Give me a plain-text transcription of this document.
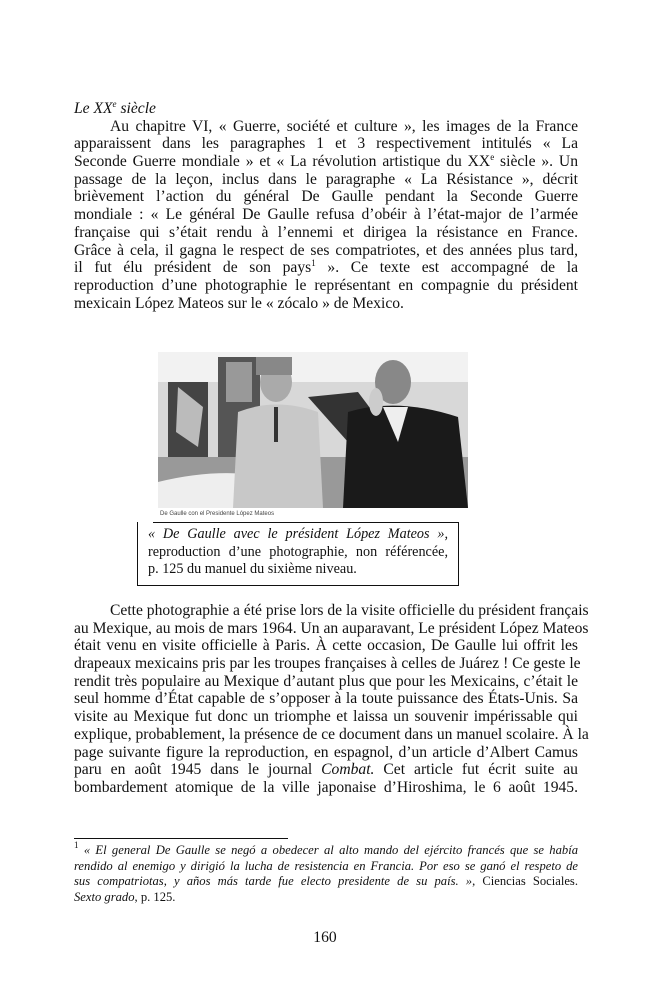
Le XXe siècle
Au chapitre VI, « Guerre, société et culture », les images de la France
apparaissent dans les paragraphes 1 et 3 respectivement intitulés « La
Seconde Guerre mondiale » et « La révolution artistique du XXe siècle ». Un
passage de la leçon, inclus dans le paragraphe « La Résistance », décrit
brièvement l’action du général De Gaulle pendant la Seconde Guerre
mondiale : « Le général De Gaulle refusa d’obéir à l’état-major de l’armée
française qui s’était rendu à l’ennemi et dirigea la résistance en France.
Grâce à cela, il gagna le respect de ses compatriotes, et des années plus tard,
il fut élu président de son pays$^1$ ». Ce texte est accompagné de la
reproduction d’une photographie le représentant en compagnie du président
mexicain López Mateos sur le « zócalo » de Mexico.
De Gaulle con el Presidente López Mateos
« De Gaulle avec le président López Mateos »,
reproduction d’une photographie, non référencée,
p. 125 du manuel du sixième niveau.
Cette photographie a été prise lors de la visite officielle du président français
au Mexique, au mois de mars 1964. Un an auparavant, Le président López Mateos
était venu en visite officielle à Paris. À cette occasion, De Gaulle lui offrit les
drapeaux mexicains pris par les troupes françaises à celles de Juárez ! Ce geste le
rendit très populaire au Mexique d’autant plus que pour les Mexicains, c’était le
seul homme d’État capable de s’opposer à la toute puissance des États-Unis. Sa
visite au Mexique fut donc un triomphe et laissa un souvenir impérissable qui
explique, probablement, la présence de ce document dans un manuel scolaire. À la
page suivante figure la reproduction, en espagnol, d’un article d’Albert Camus
paru en août 1945 dans le journal Combat. Cet article fut écrit suite au
bombardement atomique de la ville japonaise d’Hiroshima, le 6 août 1945.
$^1$ « El general De Gaulle se negó a obedecer al alto mando del ejército francés que se había
rendido al enemigo y dirigió la lucha de resistencia en Francia. Por eso se ganó el respeto de
sus compatriotas, y años más tarde fue electo presidente de su país. », Ciencias Sociales.
Sexto grado, p. 125.
160
